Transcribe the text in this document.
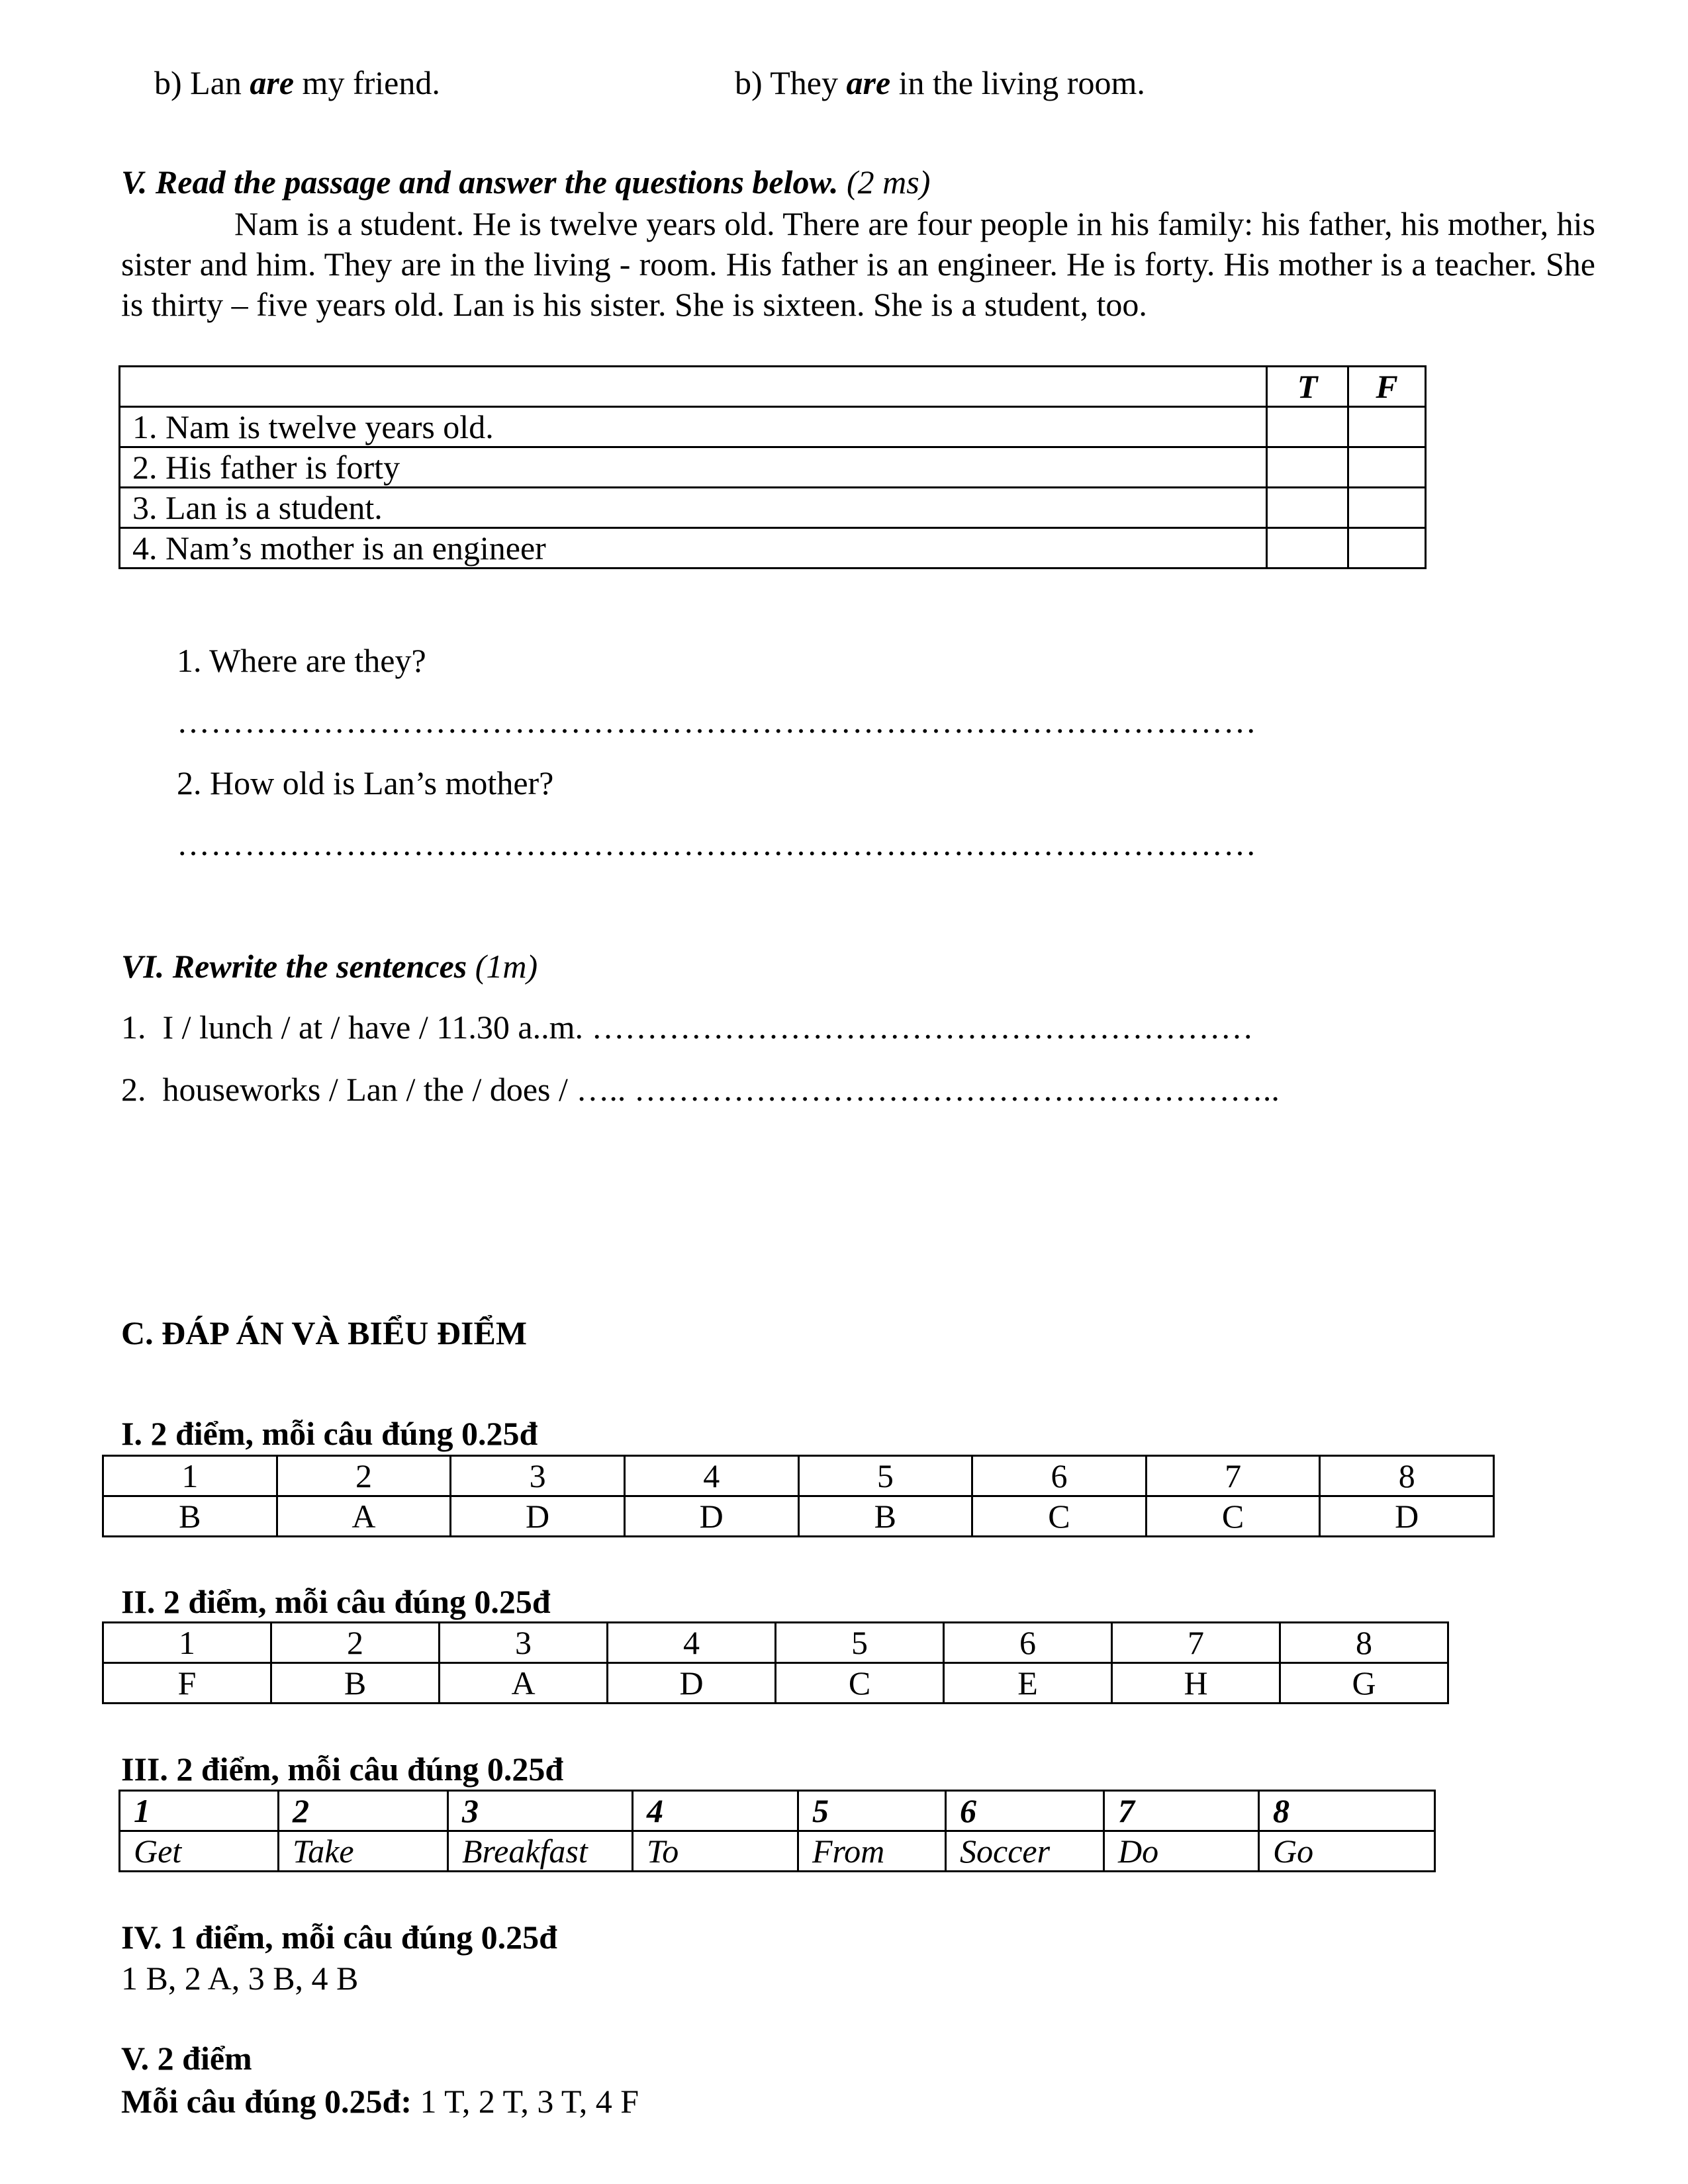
b) Lan are my friend.	b) They are in the living room.
V. Read the passage and answer the questions below. (2 ms)

Nam is a student. He is twelve years old. There are four people in his family: his father, his mother, his sister and him. They are in the living - room. His father is an engineer. He is forty. His mother is a teacher. She is thirty – five years old. Lan is his sister. She is sixteen. She is a student, too.

	T	F
1. Nam is twelve years old.		
2. His father is forty		
3. Lan is a student.		
4. Nam’s mother is an engineer		
1. Where are they?
……………………………………………………………………………………
2. How old is Lan’s mother?
……………………………………………………………………………………
VI. Rewrite the sentences (1m)
1. I / lunch / at / have / 11.30 a..m. ……………………………………………………
2. houseworks / Lan / the / does / ….. …………………………………………………..
C. ĐÁP ÁN VÀ BIỂU ĐIỂM
I. 2 điểm, mỗi câu đúng 0.25đ
1	2	3	4	5	6	7	8
B	A	D	D	B	C	C	D
II. 2 điểm, mỗi câu đúng 0.25đ
1	2	3	4	5	6	7	8
F	B	A	D	C	E	H	G
III. 2 điểm, mỗi câu đúng 0.25đ
1	2	3	4	5	6	7	8
Get	Take	Breakfast	To	From	Soccer	Do	Go
IV. 1 điểm, mỗi câu đúng 0.25đ
1 B, 2 A, 3 B, 4 B
V. 2 điểm
Mỗi câu đúng 0.25đ: 1 T, 2 T, 3 T, 4 F
